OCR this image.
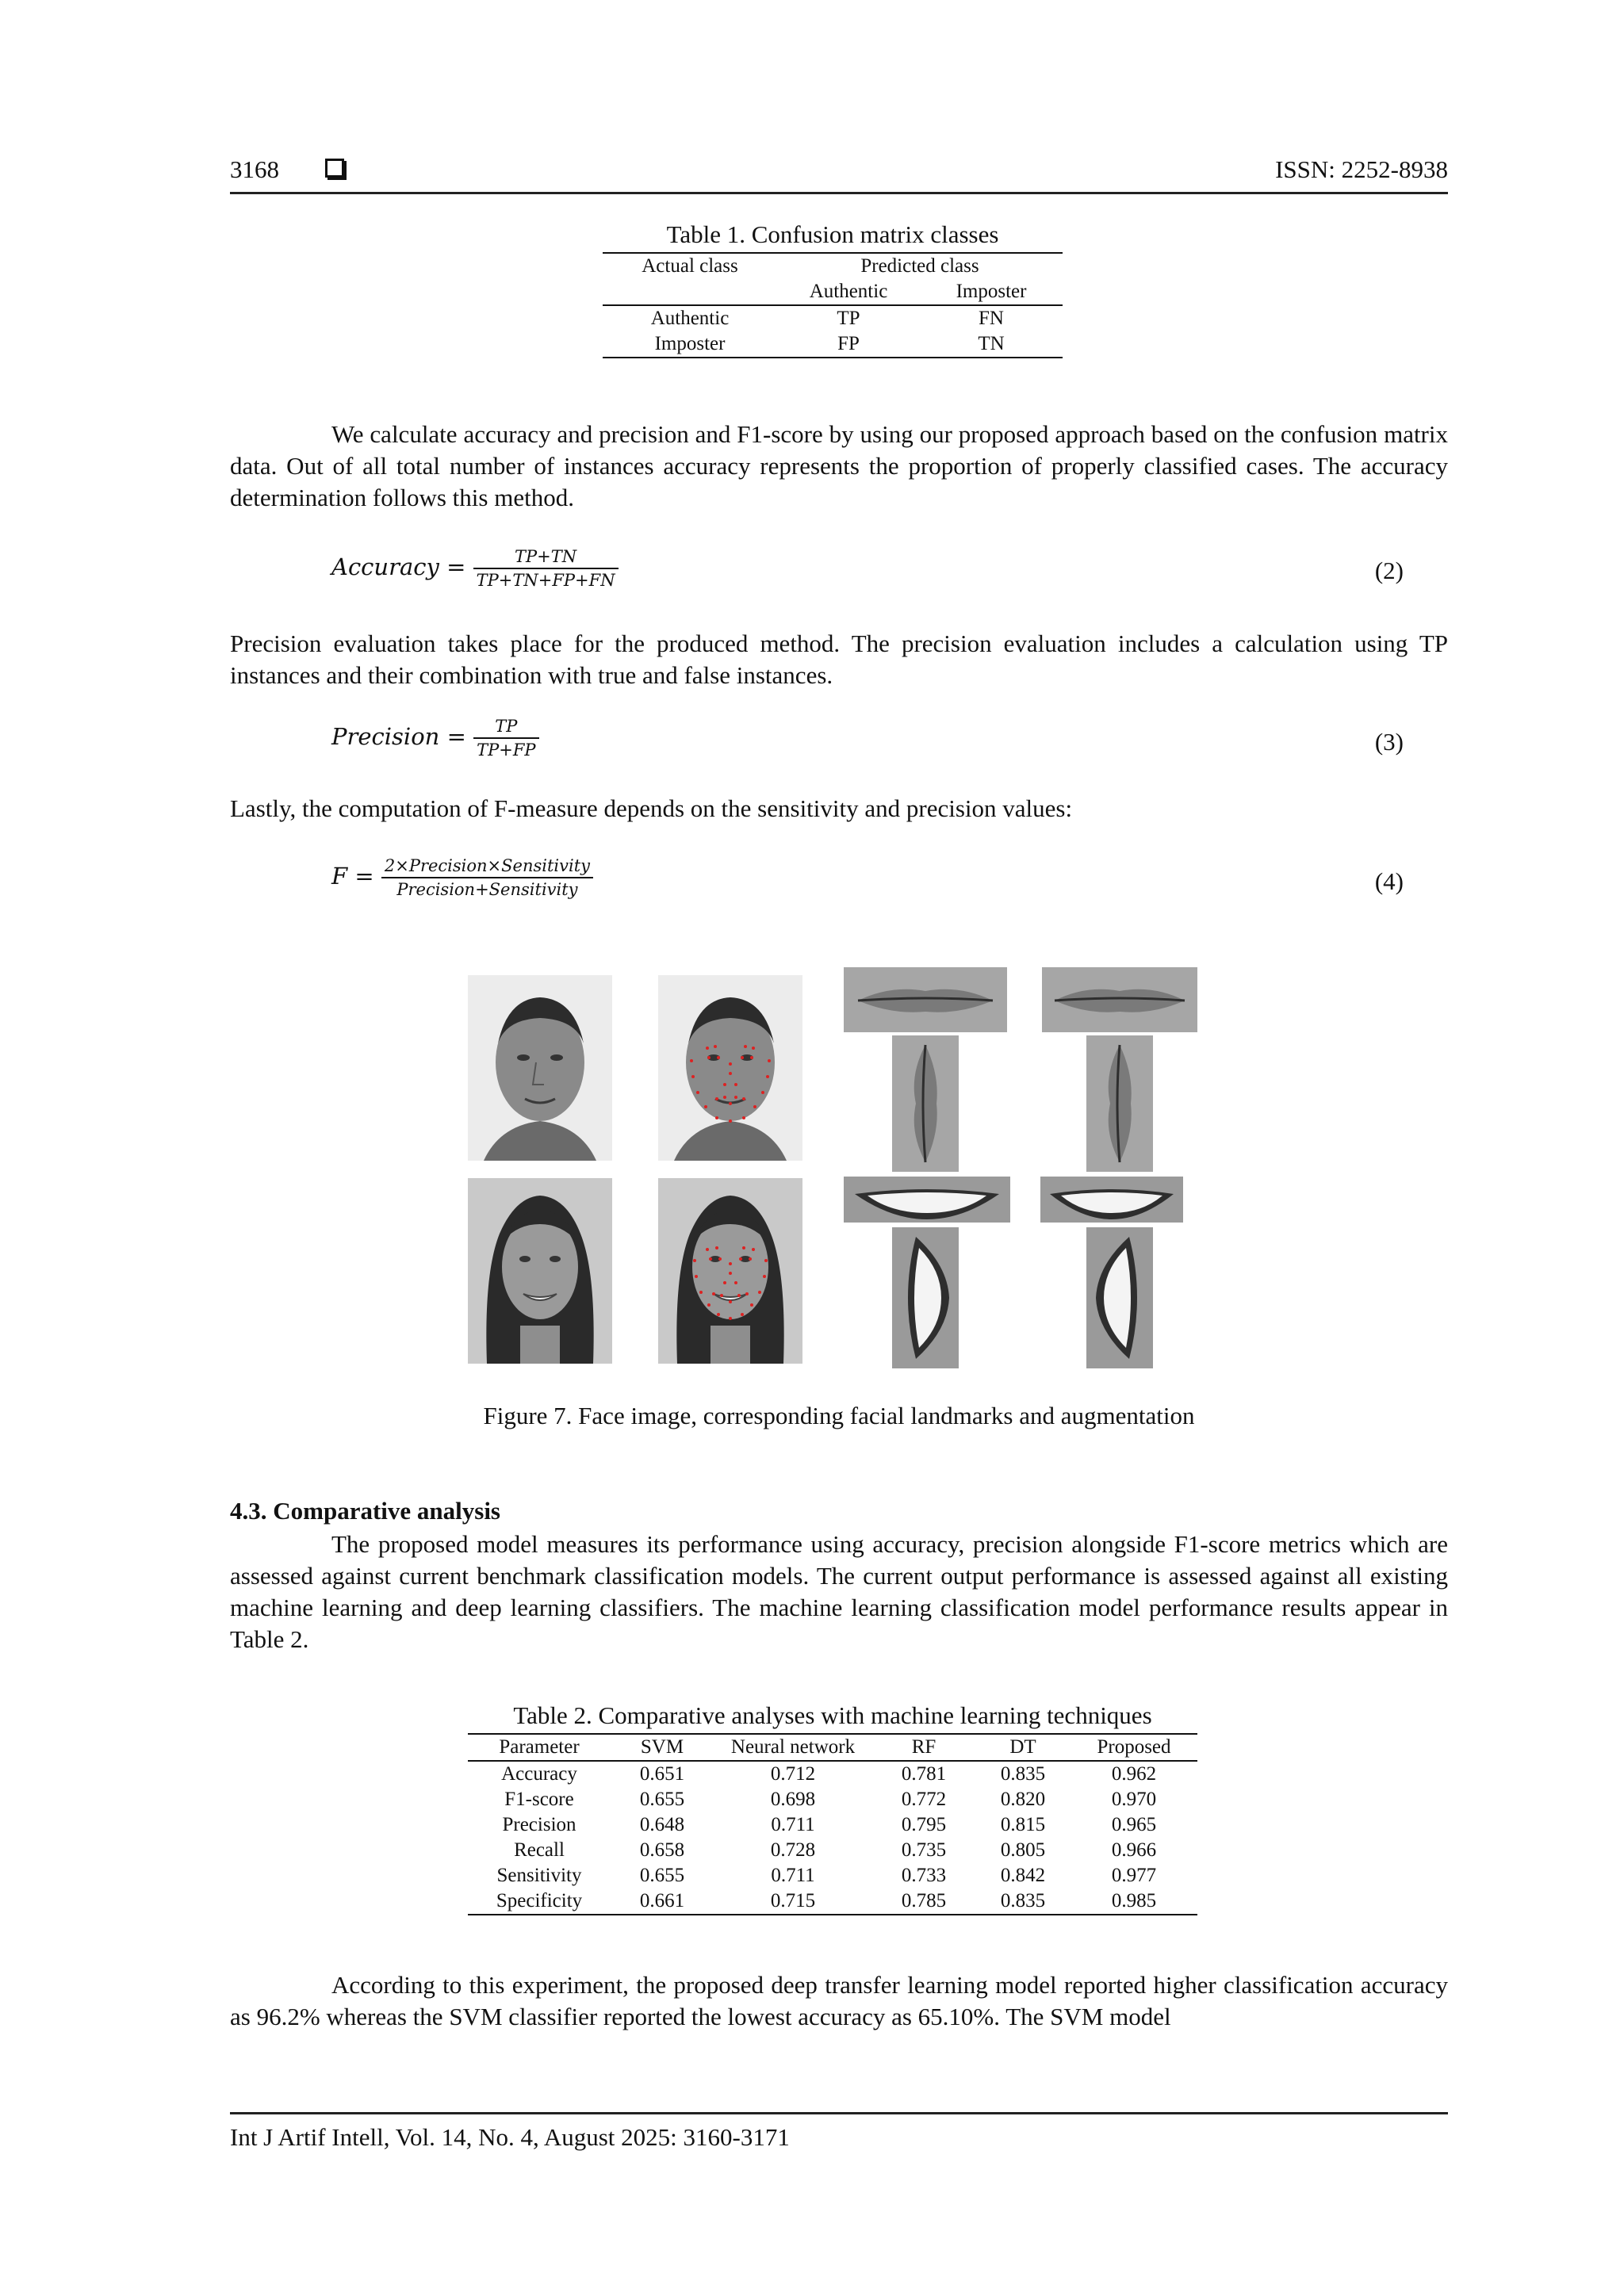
3168	ISSN: 2252-8938
Table 1. Confusion matrix classes
Actual class	Predicted class	
	Authentic	Imposter
Authentic	TP	FN
Imposter	FP	TN
We calculate accuracy and precision and F1-score by using our proposed approach based on the confusion matrix data. Out of all total number of instances accuracy represents the proportion of properly classified cases. The accuracy determination follows this method.
Accuracy = $\frac{TP+TN}{TP+TN+FP+FN}$	(2)
Precision evaluation takes place for the produced method. The precision evaluation includes a calculation using TP instances and their combination with true and false instances.
Precision = $\frac{TP}{TP+FP}$	(3)
Lastly, the computation of F-measure depends on the sensitivity and precision values:
$F = \frac{\text{2×Precision×Sensitivity}}{\text{Precision+Sensitivity}}$	(4)
Figure 7. Face image, corresponding facial landmarks and augmentation
4.3. Comparative analysis
The proposed model measures its performance using accuracy, precision alongside F1-score metrics which are assessed against current benchmark classification models. The current output performance is assessed against all existing machine learning and deep learning classifiers. The machine learning classification model performance results appear in Table 2.
Table 2. Comparative analyses with machine learning techniques
Parameter	SVM	Neural network	RF	DT	Proposed
Accuracy	0.651	0.712	0.781	0.835	0.962
F1-score	0.655	0.698	0.772	0.820	0.970
Precision	0.648	0.711	0.795	0.815	0.965
Recall	0.658	0.728	0.735	0.805	0.966
Sensitivity	0.655	0.711	0.733	0.842	0.977
Specificity	0.661	0.715	0.785	0.835	0.985
According to this experiment, the proposed deep transfer learning model reported higher classification accuracy as 96.2% whereas the SVM classifier reported the lowest accuracy as 65.10%. The SVM model
Int J Artif Intell, Vol. 14, No. 4, August 2025: 3160-3171
